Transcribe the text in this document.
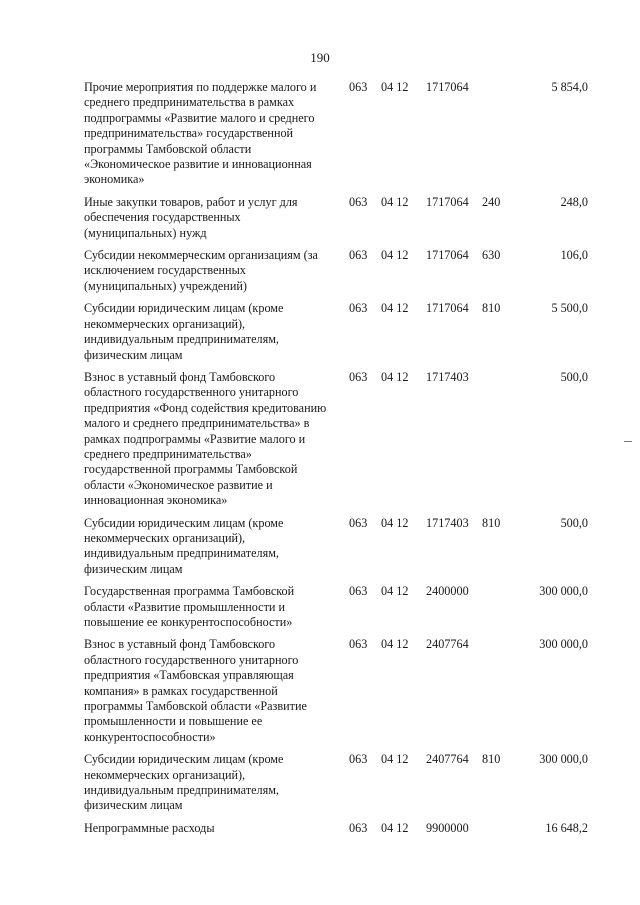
190
Прочие мероприятия по поддержке малого и среднего предпринимательства в рамках подпрограммы «Развитие малого и среднего предпринимательства» государственной программы Тамбовской области «Экономическое развитие и инновационная экономика»
063 04 12 1717064	5 854,0
Иные закупки товаров, работ и услуг для обеспечения государственных (муниципальных) нужд
063 04 12 1717064 240	248,0
Субсидии некоммерческим организациям (за исключением государственных (муниципальных) учреждений)
063 04 12 1717064 630	106,0
Субсидии юридическим лицам (кроме некоммерческих организаций), индивидуальным предпринимателям, физическим лицам
063 04 12 1717064 810	5 500,0
Взнос в уставный фонд Тамбовского областного государственного унитарного предприятия «Фонд содействия кредитованию малого и среднего предпринимательства» в рамках подпрограммы «Развитие малого и среднего предпринимательства» государственной программы Тамбовской области «Экономическое развитие и инновационная экономика»
063 04 12 1717403	500,0
Субсидии юридическим лицам (кроме некоммерческих организаций), индивидуальным предпринимателям, физическим лицам
063 04 12 1717403 810	500,0
Государственная программа Тамбовской области «Развитие промышленности и повышение ее конкурентоспособности»
063 04 12 2400000	300 000,0
Взнос в уставный фонд Тамбовского областного государственного унитарного предприятия «Тамбовская управляющая компания» в рамках государственной программы Тамбовской области «Развитие промышленности и повышение ее конкурентоспособности»
063 04 12 2407764	300 000,0
Субсидии юридическим лицам (кроме некоммерческих организаций), индивидуальным предпринимателям, физическим лицам
063 04 12 2407764 810	300 000,0
Непрограммные расходы	063 04 12 9900000	16 648,2
